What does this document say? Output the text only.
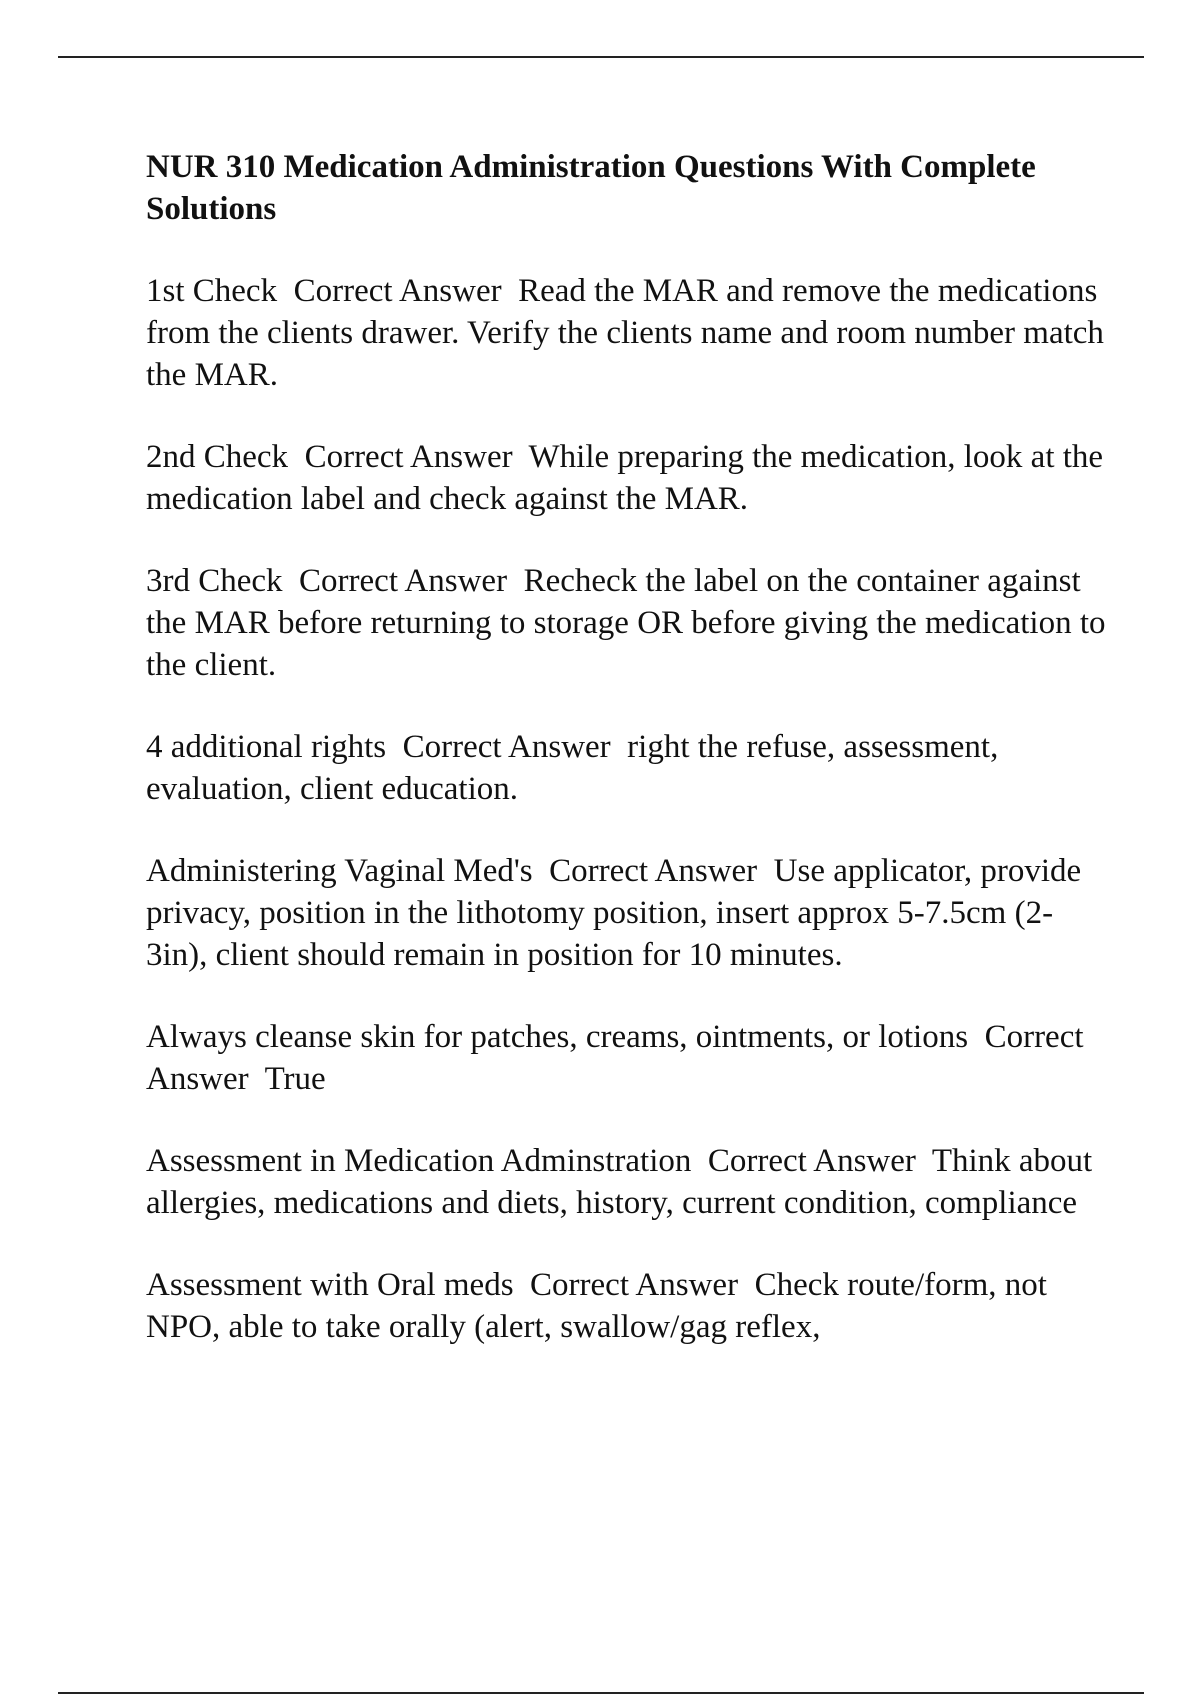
NUR 310 Medication Administration Questions With Complete Solutions
1st Check Correct Answer Read the MAR and remove the medications from the clients drawer. Verify the clients name and room number match the MAR.
2nd Check Correct Answer While preparing the medication, look at the medication label and check against the MAR.
3rd Check Correct Answer Recheck the label on the container against the MAR before returning to storage OR before giving the medication to the client.
4 additional rights Correct Answer right the refuse, assessment, evaluation, client education.
Administering Vaginal Med's Correct Answer Use applicator, provide privacy, position in the lithotomy position, insert approx 5-7.5cm (2-3in), client should remain in position for 10 minutes.
Always cleanse skin for patches, creams, ointments, or lotions Correct Answer True
Assessment in Medication Adminstration Correct Answer Think about allergies, medications and diets, history, current condition, compliance
Assessment with Oral meds Correct Answer Check route/form, not NPO, able to take orally (alert, swallow/gag reflex,
